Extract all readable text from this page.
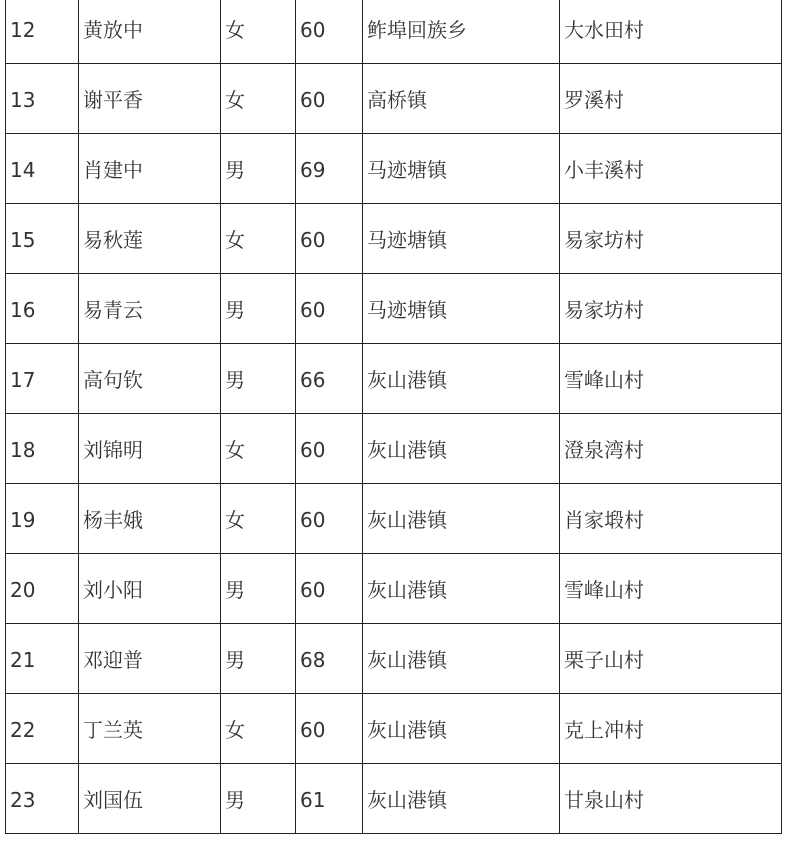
12	黄放中	女	60	鲊埠回族乡	大水田村

13	谢平香	女	60	高桥镇	罗溪村

14	肖建中	男	69	马迹塘镇	小丰溪村

15	易秋莲	女	60	马迹塘镇	易家坊村

16	易青云	男	60	马迹塘镇	易家坊村

17	高句钦	男	66	灰山港镇	雪峰山村

18	刘锦明	女	60	灰山港镇	澄泉湾村

19	杨丰娥	女	60	灰山港镇	肖家塅村

20	刘小阳	男	60	灰山港镇	雪峰山村

21	邓迎普	男	68	灰山港镇	栗子山村

22	丁兰英	女	60	灰山港镇	克上冲村

23	刘国伍	男	61	灰山港镇	甘泉山村
